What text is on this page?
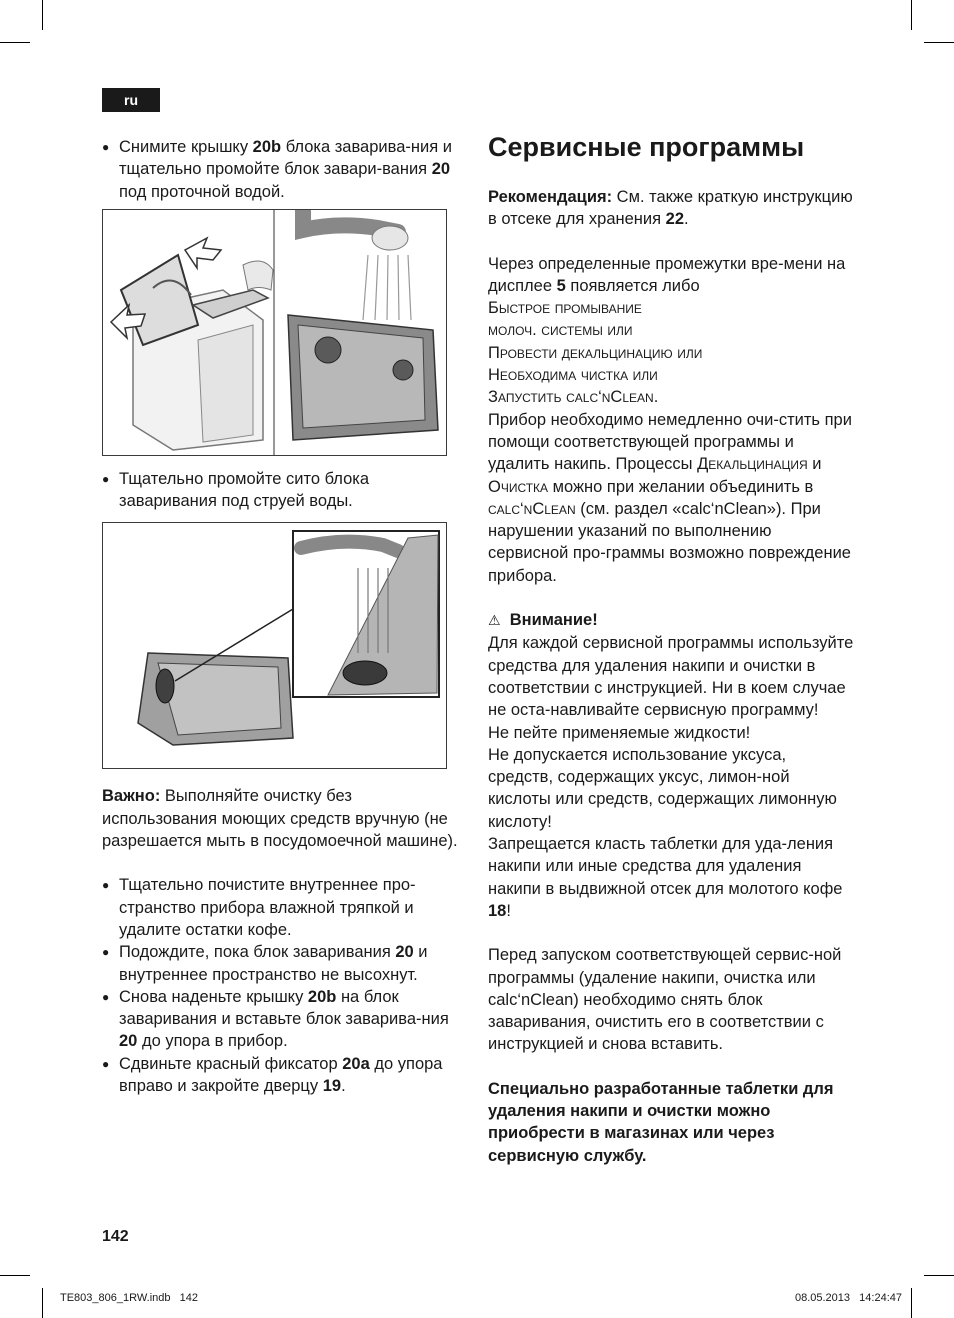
ru
● Снимите крышку 20b блока заварива-ния и тщательно промойте блок завари-вания 20 под проточной водой.
● Тщательно промойте сито блока заваривания под струей воды.
Важно: Выполняйте очистку без использования моющих средств вручную (не разрешается мыть в посудомоечной машине).
● Тщательно почистите внутреннее про-странство прибора влажной тряпкой и удалите остатки кофе.
● Подождите, пока блок заваривания 20 и внутреннее пространство не высохнут.
● Снова наденьте крышку 20b на блок заваривания и вставьте блок заварива-ния 20 до упора в прибор.
● Сдвиньте красный фиксатор 20a до упора вправо и закройте дверцу 19.
Сервисные программы

Рекомендация: См. также краткую инструкцию в отсеке для хранения 22.

Через определенные промежутки вре-мени на дисплее 5 появляется либо

Быстрое промывание

молоч. системы или

Провести декальцинацию или

Необходима чистка или

Запустить calc‘nClean.

Прибор необходимо немедленно очи-стить при помощи соответствующей программы и удалить накипь. Процессы Декальцинация и Очистка можно при желании объединить в calc‘nClean (см. раздел «calc‘nClean»). При нарушении указаний по выполнению сервисной про-граммы возможно повреждение прибора.

⚠ Внимание!

Для каждой сервисной программы используйте средства для удаления накипи и очистки в соответствии с инструкцией. Ни в коем случае не оста-навливайте сервисную программу!

Не пейте применяемые жидкости!

Не допускается использование уксуса, средств, содержащих уксус, лимон-ной кислоты или средств, содержащих лимонную кислоту!

Запрещается класть таблетки для уда-ления накипи или иные средства для удаления накипи в выдвижной отсек для молотого кофе 18!

Перед запуском соответствующей сервис-ной программы (удаление накипи, очистка или calc‘nClean) необходимо снять блок заваривания, очистить его в соответствии с инструкцией и снова вставить.

Специально разработанные таблетки для удаления накипи и очистки можно приобрести в магазинах или через сервисную службу.

142
TE803_806_1RW.indb   142	08.05.2013   14:24:47
